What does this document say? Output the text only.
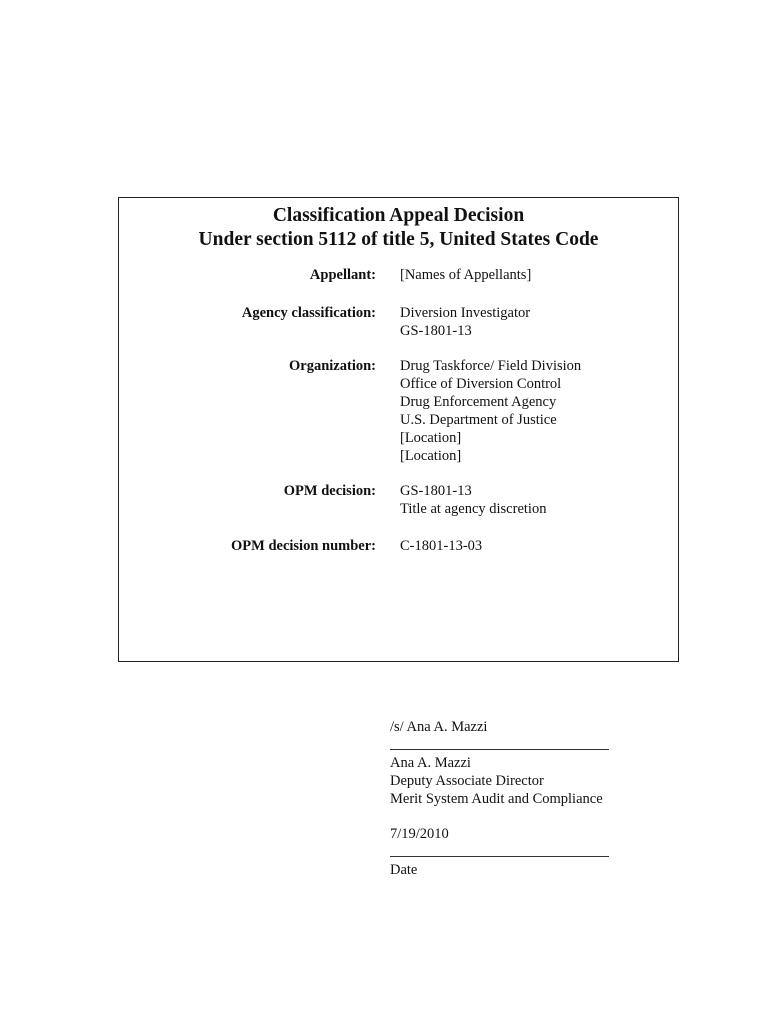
Classification Appeal Decision
Under section 5112 of title 5, United States Code
Appellant: [Names of Appellants]
Agency classification: Diversion Investigator
GS-1801-13
Organization: Drug Taskforce/ Field Division
Office of Diversion Control
Drug Enforcement Agency
U.S. Department of Justice
[Location]
[Location]
OPM decision: GS-1801-13
Title at agency discretion
OPM decision number: C-1801-13-03
/s/ Ana A. Mazzi
Ana A. Mazzi
Deputy Associate Director
Merit System Audit and Compliance
7/19/2010
Date
